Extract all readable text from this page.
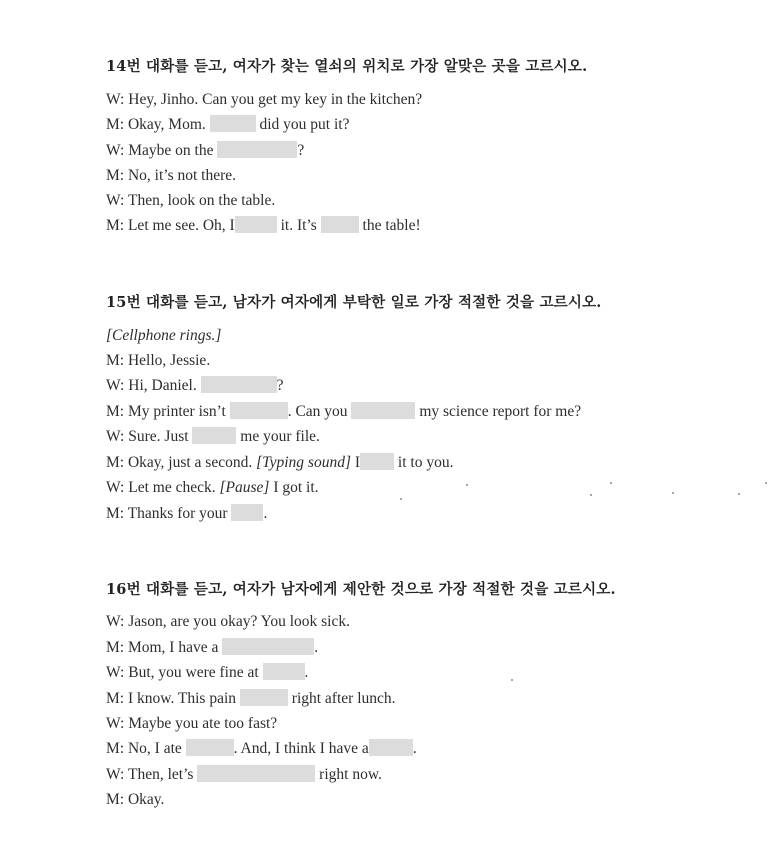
14번 대화를 듣고, 여자가 찾는 열쇠의 위치로 가장 알맞은 곳을 고르시오.
W: Hey, Jinho. Can you get my key in the kitchen?
M: Okay, Mom.	did you put it?
W: Maybe on the	?
M: No, it’s not there.
W: Then, look on the table.
M: Let me see. Oh, I	it. It’s	the table!
15번 대화를 듣고, 남자가 여자에게 부탁한 일로 가장 적절한 것을 고르시오.
[Cellphone rings.]
M: Hello, Jessie.
W: Hi, Daniel.	?
M: My printer isn’t	. Can you	my science report for me?
W: Sure. Just	me your file.
M: Okay, just a second. [Typing sound] I it to you.
W: Let me check. [Pause] I got it.
M: Thanks for your .
16번 대화를 듣고, 여자가 남자에게 제안한 것으로 가장 적절한 것을 고르시오.
W: Jason, are you okay? You look sick.
M: Mom, I have a	.
W: But, you were fine at	.
M: I know. This pain	right after lunch.
W: Maybe you ate too fast?
M: No, I ate	. And, I think I have a	.
W: Then, let’s	right now.
M: Okay.
